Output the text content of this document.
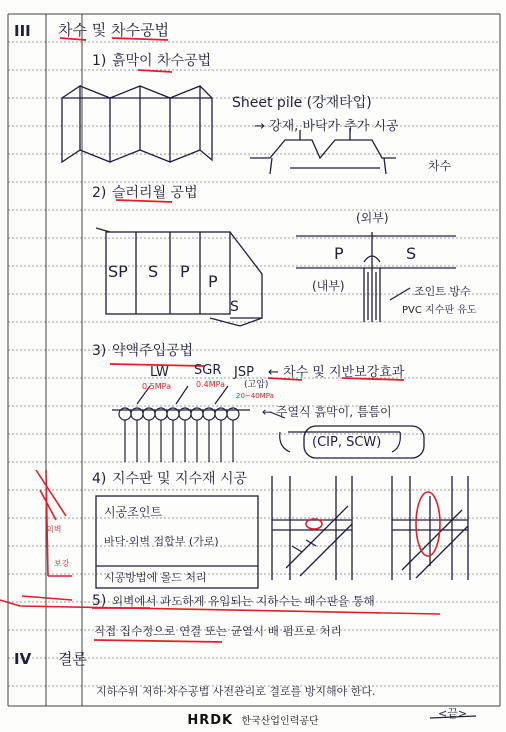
III 차수 및 차수공법
1) 흙막이 차수공법
Sheet pile (강재타입)
→ 강재, 바닥가 추가 시공
차수
2) 슬러리월 공법
SP S P
P
S
(외부)
P	S
(내부)	조인트 방수
PVC 지수판 유도
3) 약액주입공법
LW SGR JSP
0.5MPa	0.4MPa (고압)
20~40MPa
← 차수 및 지반보강효과
← 주열식 흙막이, 틈틈이
(CIP, SCW)
4) 지수판 및 지수재 시공
시공조인트
바닥·외벽 접합부 (가로)
시공방법에 몰드 처리
외벽
보강
5) 외벽에서 과도하게 유입되는 지하수는 배수판을 통해
직접 집수정으로 연결 또는 균열시 배 펌프로 처리
IV 결론
지하수위 저하·차수공법 사전관리로 결로를 방지해야 한다.
<끝>
HRDK 한국산업인력공단
